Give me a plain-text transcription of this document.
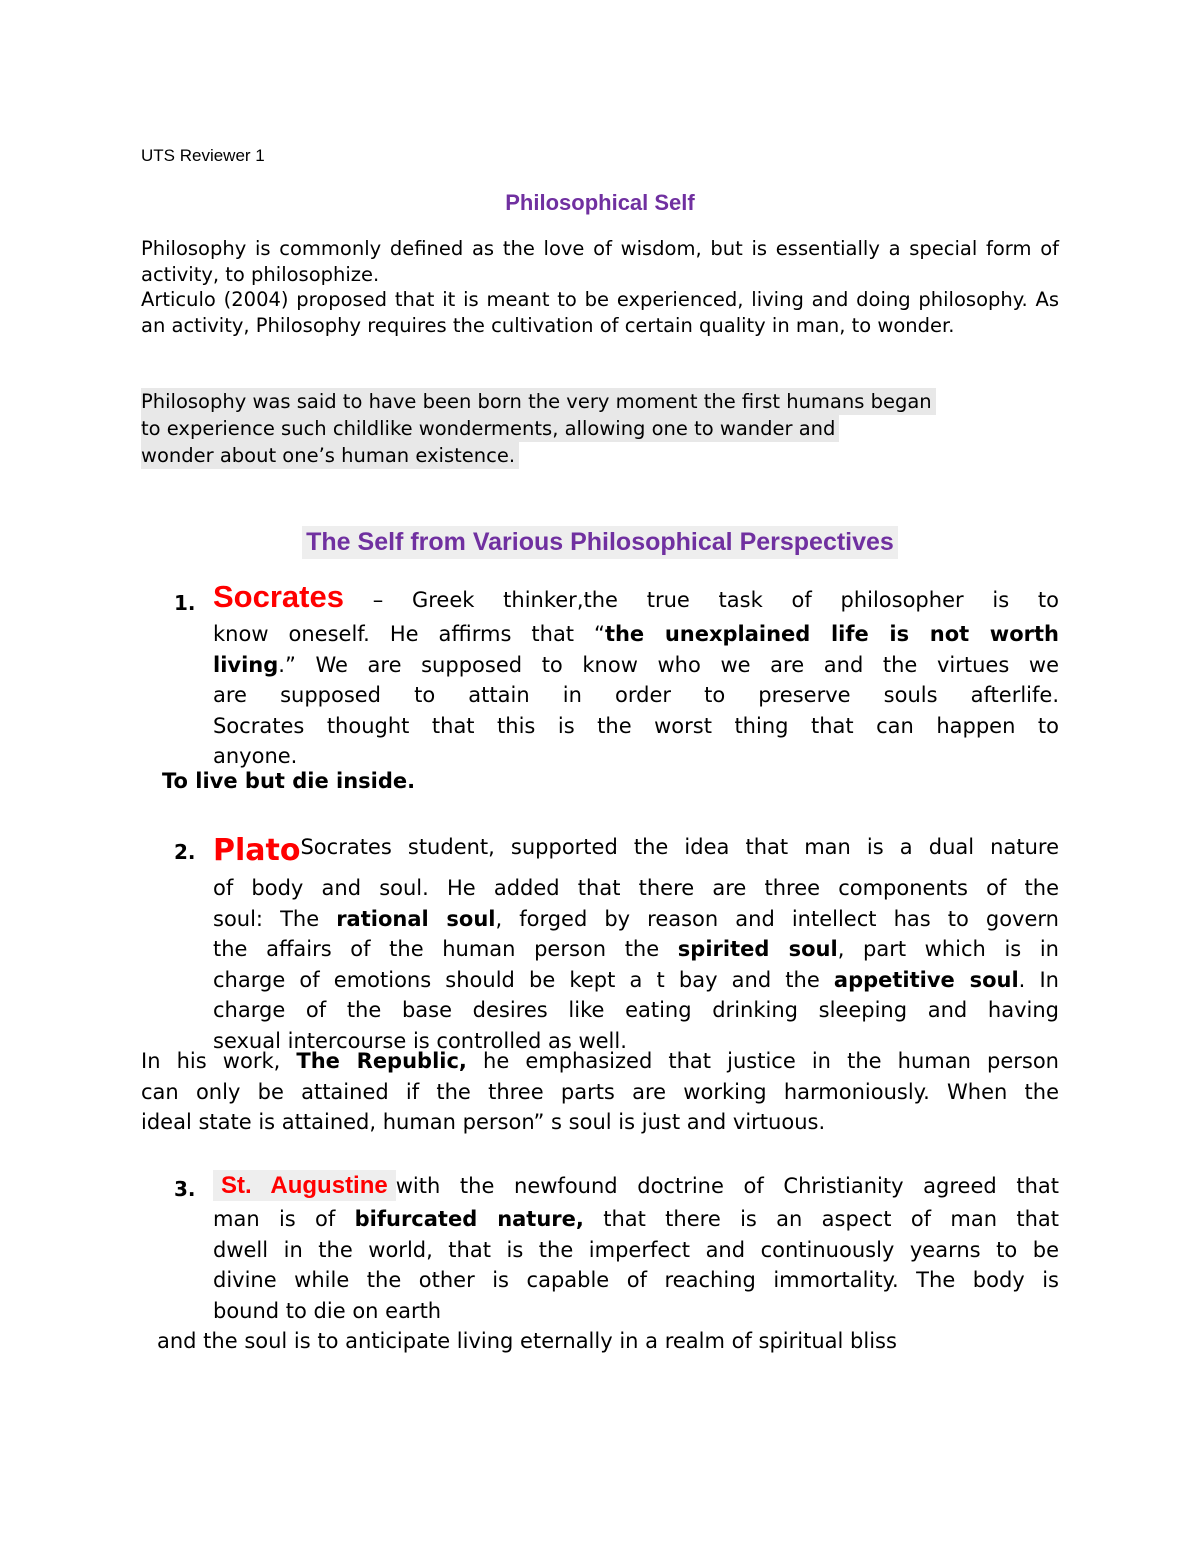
UTS Reviewer 1
Philosophical Self

Philosophy is commonly defined as the love of wisdom, but is essentially a special form of activity, to philosophize.

Articulo (2004) proposed that it is meant to be experienced, living and doing philosophy. As an activity, Philosophy requires the cultivation of certain quality in man, to wonder.

Philosophy was said to have been born the very moment the first humans began
to experience such childlike wonderments, allowing one to wander and
wonder about one’s human existence.
The Self from Various Philosophical Perspectives
1. Socrates – Greek thinker,the true task of philosopher is to
know oneself. He affirms that “the unexplained life is not worth
living.” We are supposed to know who we are and the virtues we
are supposed to attain in order to preserve souls afterlife.
Socrates thought that this is the worst thing that can happen to
anyone.
To live but die inside.
2. PlatoSocrates student, supported the idea that man is a dual nature
of body and soul. He added that there are three components of the
soul: The rational soul, forged by reason and intellect has to govern
the affairs of the human person the spirited soul, part which is in
charge of emotions should be kept a t bay and the appetitive soul. In
charge of the base desires like eating drinking sleeping and having
sexual intercourse is controlled as well.
In his work, The Republic, he emphasized that justice in the human person
can only be attained if the three parts are working harmoniously. When the
ideal state is attained, human person” s soul is just and virtuous.
3.	St. Augustine with the newfound doctrine of Christianity agreed that
man is of bifurcated nature, that there is an aspect of man that
dwell in the world, that is the imperfect and continuously yearns to be
divine while the other is capable of reaching immortality. The body is
bound to die on earth
and the soul is to anticipate living eternally in a realm of spiritual bliss
